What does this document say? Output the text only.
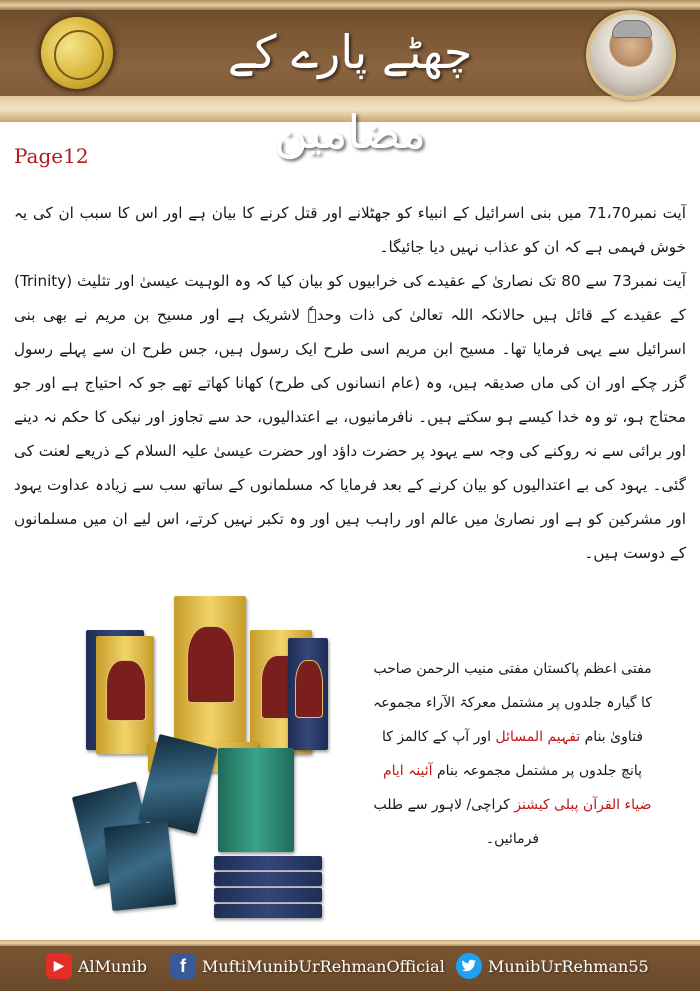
چھٹے پارے کے مضامین
Page12

آیت نمبر71،70 میں بنی اسرائیل کے انبیاء کو جھٹلانے اور قتل کرنے کا بیان ہے اور اس کا سبب ان کی یہ خوش فہمی ہے کہ ان کو عذاب نہیں دیا جائیگا۔

آیت نمبر73 سے 80 تک نصاریٰ کے عقیدے کی خرابیوں کو بیان کیا کہ وہ الوہیت عیسیٰ اور تثلیث (Trinity) کے عقیدے کے قائل ہیں حالانکہ اللہ تعالیٰ کی ذات وحدہٗ لاشریک ہے اور مسیح بن مریم نے بھی بنی اسرائیل سے یہی فرمایا تھا۔ مسیح ابن مریم اسی طرح ایک رسول ہیں، جس طرح ان سے پہلے رسول گزر چکے اور ان کی ماں صدیقہ ہیں، وہ (عام انسانوں کی طرح) کھانا کھاتے تھے جو کہ احتیاج ہے اور جو محتاج ہو، تو وہ خدا کیسے ہو سکتے ہیں۔ نافرمانیوں، بے اعتدالیوں، حد سے تجاوز اور نیکی کا حکم نہ دینے اور برائی سے نہ روکنے کی وجہ سے یہود پر حضرت داؤد اور حضرت عیسیٰ علیہ السلام کے ذریعے لعنت کی گئی۔ یہود کی بے اعتدالیوں کو بیان کرنے کے بعد فرمایا کہ مسلمانوں کے ساتھ سب سے زیادہ عداوت یہود اور مشرکین کو ہے اور نصاریٰ میں عالم اور راہب ہیں اور وہ تکبر نہیں کرتے، اس لیے ان میں مسلمانوں کے دوست ہیں۔

مفتی اعظم پاکستان مفتی منیب الرحمن صاحب

کا گیارہ جلدوں پر مشتمل معرکۃ الآراء مجموعہ

فتاویٰ بنام تفہیم المسائل اور آپ کے کالمز کا

پانچ جلدوں پر مشتمل مجموعہ بنام آئینہ ایام

ضیاء القرآن پبلی کیشنز کراچی/ لاہور سے طلب فرمائیں۔

▶ AlMunib	f	MuftiMunibUrRehmanOfficial	MunibUrRehman55
